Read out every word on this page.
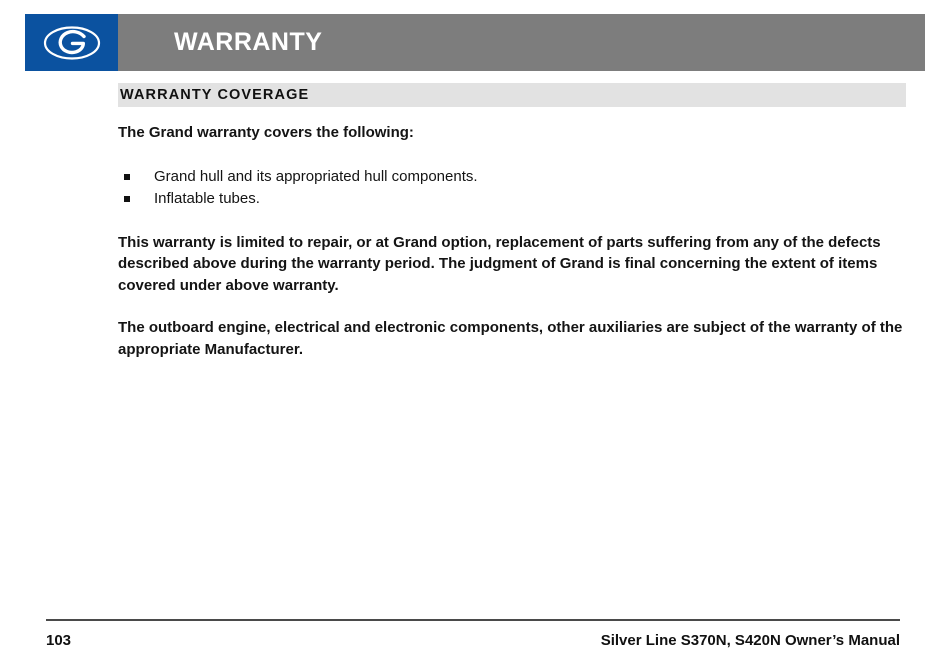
WARRANTY
WARRANTY COVERAGE

The Grand warranty covers the following:

Grand hull and its appropriated hull components.
Inflatable tubes.

This warranty is limited to repair, or at Grand option, replacement of parts suffering from any of the defects described above during the warranty period. The judgment of Grand is final concerning the extent of items covered under above warranty.

The outboard engine, electrical and electronic components, other auxiliaries are subject of the warranty of the appropriate Manufacturer.

103	Silver Line S370N, S420N Owner’s Manual
